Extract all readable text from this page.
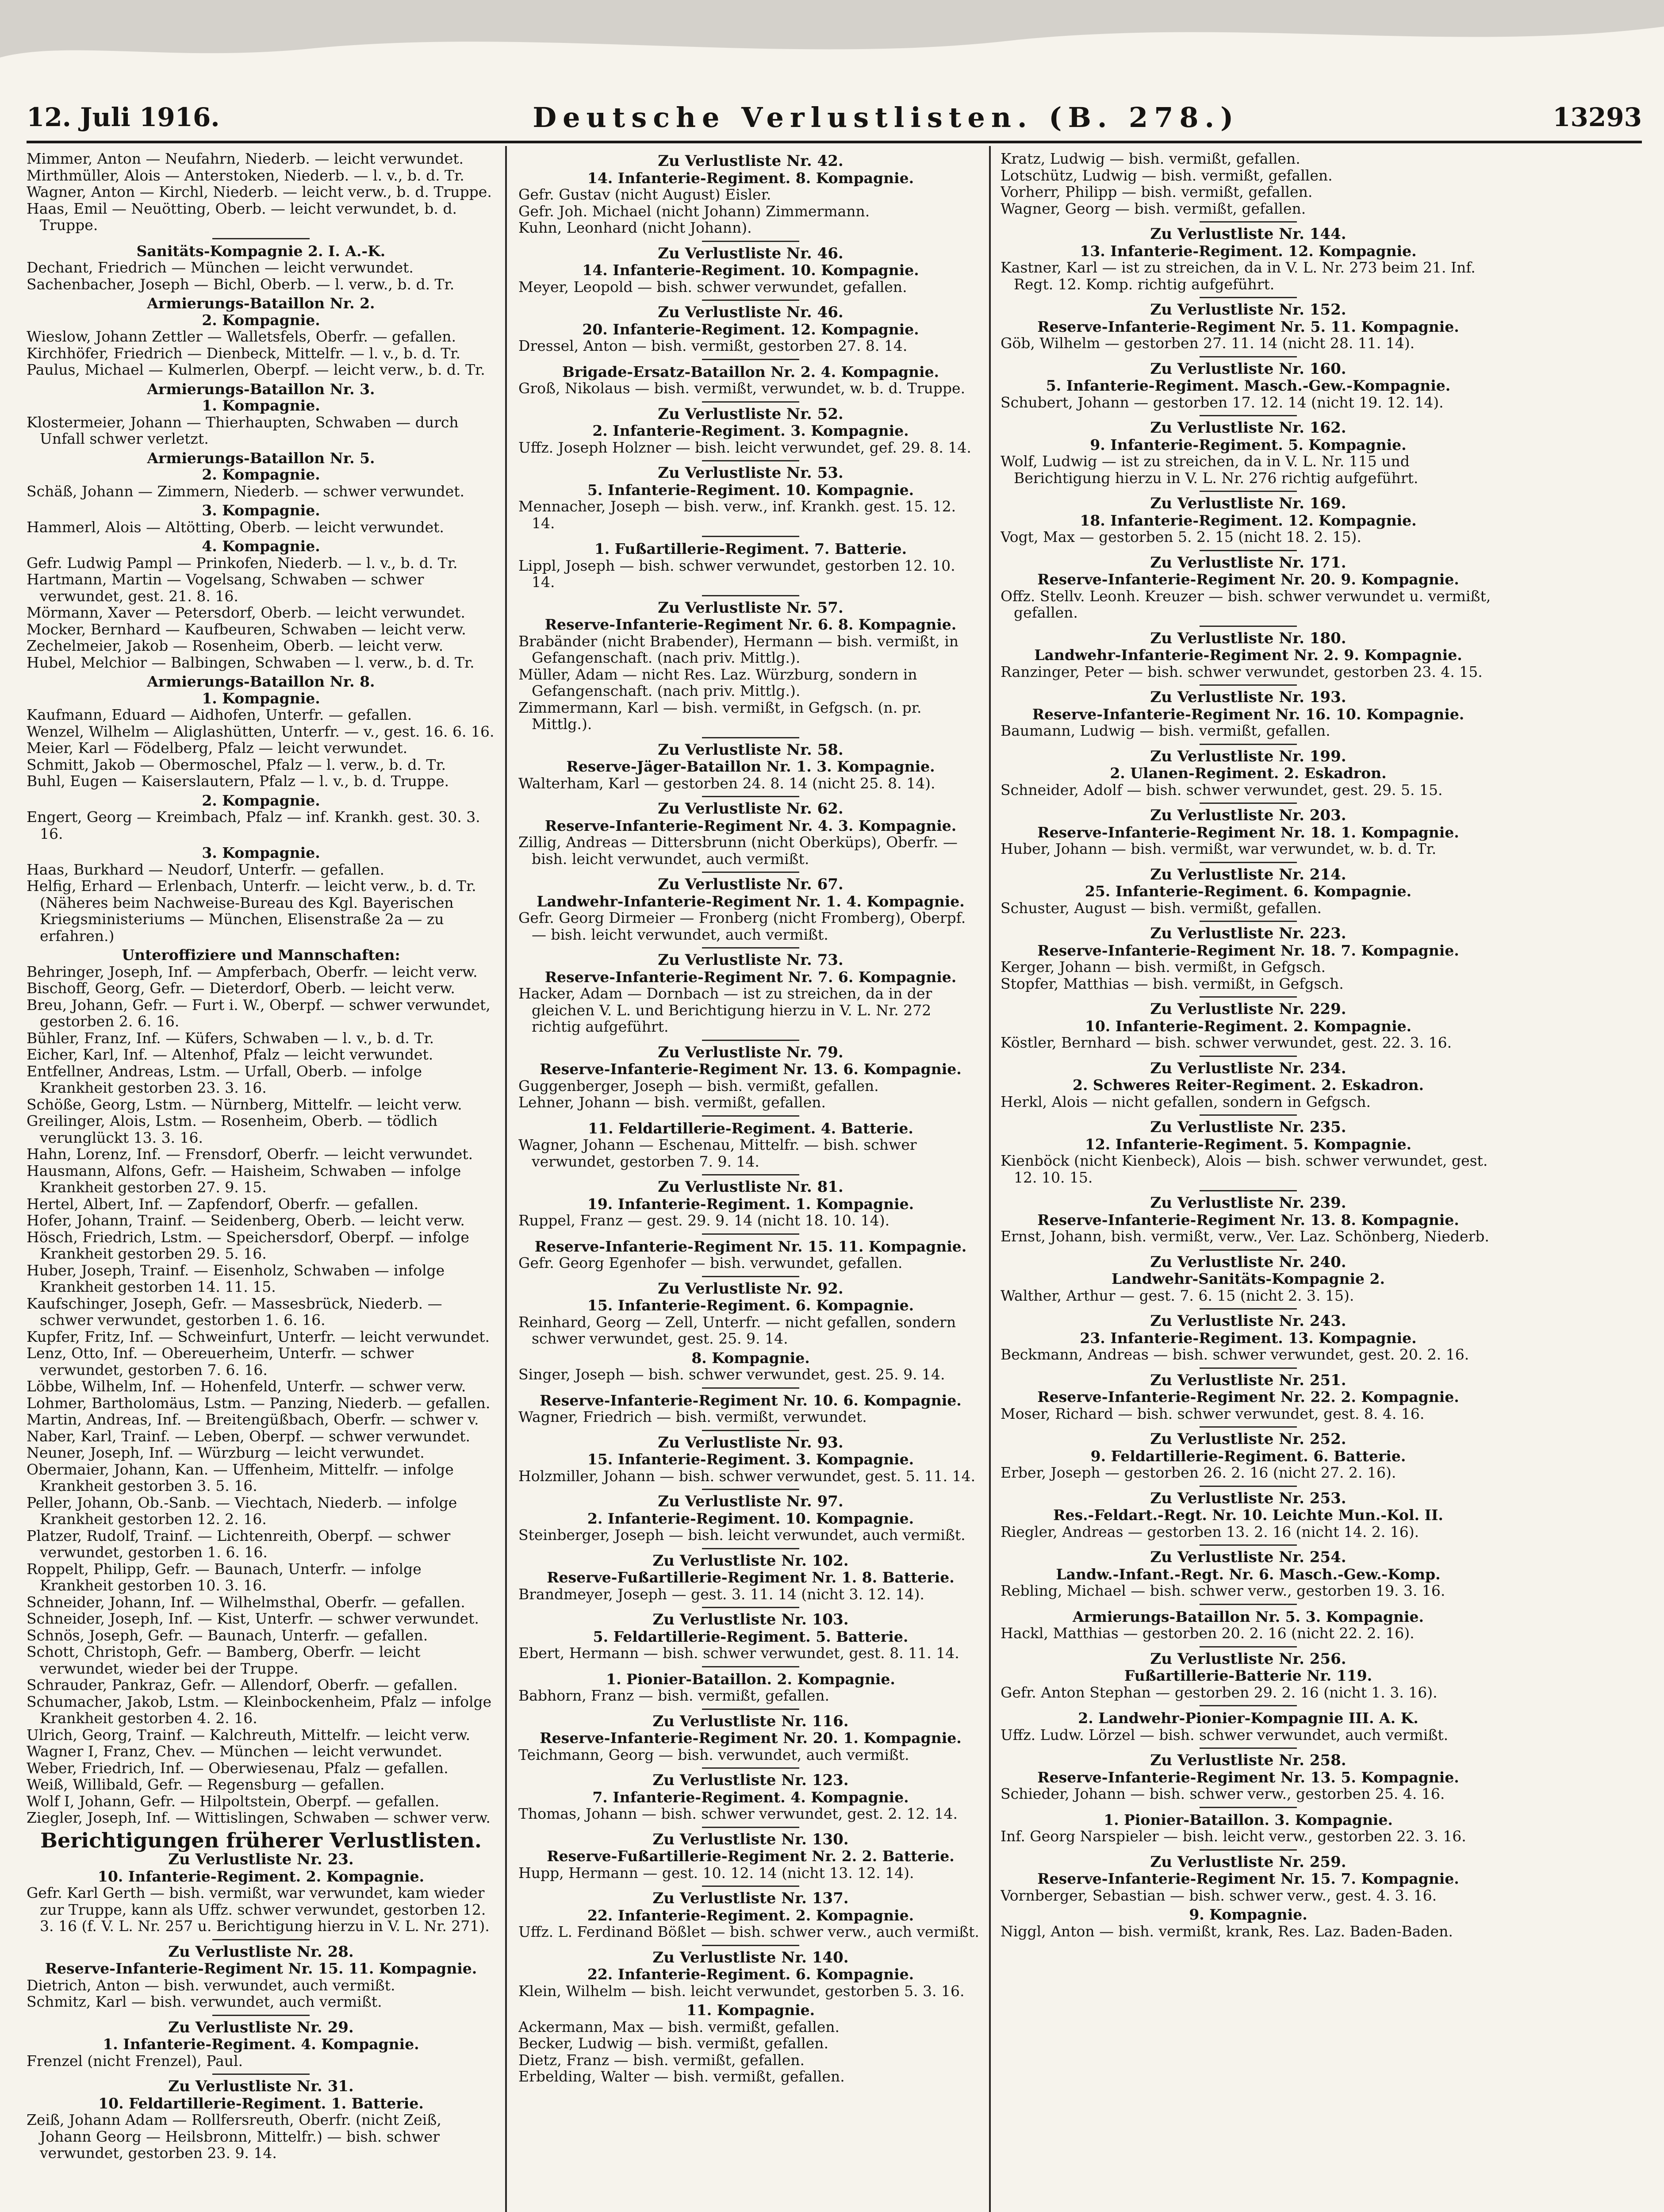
12. Juli 1916.	Deutsche Verlustlisten. (B. 278.)	13293
Mimmer, Anton — Neufahrn, Niederb. — leicht verwundet.
Mirthmüller, Alois — Anterstoken, Niederb. — l. v., b. d. Tr.
Wagner, Anton — Kirchl, Niederb. — leicht verw., b. d. Truppe.
Haas, Emil — Neuötting, Oberb. — leicht verwundet, b. d. Truppe.
Sanitäts-Kompagnie 2. I. A.-K.
Dechant, Friedrich — München — leicht verwundet.
Sachenbacher, Joseph — Bichl, Oberb. — l. verw., b. d. Tr.
Armierungs-Bataillon Nr. 2.
2. Kompagnie.
Wieslow, Johann Zettler — Walletsfels, Oberfr. — gefallen.
Kirchhöfer, Friedrich — Dienbeck, Mittelfr. — l. v., b. d. Tr.
Paulus, Michael — Kulmerlen, Oberpf. — leicht verw., b. d. Tr.
Armierungs-Bataillon Nr. 3.
1. Kompagnie.
Klostermeier, Johann — Thierhaupten, Schwaben — durch Unfall schwer verletzt.
Armierungs-Bataillon Nr. 5.
2. Kompagnie.
Schäß, Johann — Zimmern, Niederb. — schwer verwundet.
3. Kompagnie.
Hammerl, Alois — Altötting, Oberb. — leicht verwundet.
4. Kompagnie.
Gefr. Ludwig Pampl — Prinkofen, Niederb. — l. v., b. d. Tr.
Hartmann, Martin — Vogelsang, Schwaben — schwer verwundet, gest. 21. 8. 16.
Mörmann, Xaver — Petersdorf, Oberb. — leicht verwundet.
Mocker, Bernhard — Kaufbeuren, Schwaben — leicht verw.
Zechelmeier, Jakob — Rosenheim, Oberb. — leicht verw.
Hubel, Melchior — Balbingen, Schwaben — l. verw., b. d. Tr.
Armierungs-Bataillon Nr. 8.
1. Kompagnie.
Kaufmann, Eduard — Aidhofen, Unterfr. — gefallen.
Wenzel, Wilhelm — Aliglashütten, Unterfr. — v., gest. 16. 6. 16.
Meier, Karl — Födelberg, Pfalz — leicht verwundet.
Schmitt, Jakob — Obermoschel, Pfalz — l. verw., b. d. Tr.
Buhl, Eugen — Kaiserslautern, Pfalz — l. v., b. d. Truppe.
2. Kompagnie.
Engert, Georg — Kreimbach, Pfalz — inf. Krankh. gest. 30. 3. 16.
3. Kompagnie.
Haas, Burkhard — Neudorf, Unterfr. — gefallen.
Helfig, Erhard — Erlenbach, Unterfr. — leicht verw., b. d. Tr. (Näheres beim Nachweise-Bureau des Kgl. Bayerischen Kriegsministeriums — München, Elisenstraße 2a — zu erfahren.)
Unteroffiziere und Mannschaften:
Behringer, Joseph, Inf. — Ampferbach, Oberfr. — leicht verw.
Bischoff, Georg, Gefr. — Dieterdorf, Oberb. — leicht verw.
Breu, Johann, Gefr. — Furt i. W., Oberpf. — schwer verwundet, gestorben 2. 6. 16.
Bühler, Franz, Inf. — Küfers, Schwaben — l. v., b. d. Tr.
Eicher, Karl, Inf. — Altenhof, Pfalz — leicht verwundet.
Entfellner, Andreas, Lstm. — Urfall, Oberb. — infolge Krankheit gestorben 23. 3. 16.
Schöße, Georg, Lstm. — Nürnberg, Mittelfr. — leicht verw.
Greilinger, Alois, Lstm. — Rosenheim, Oberb. — tödlich verunglückt 13. 3. 16.
Hahn, Lorenz, Inf. — Frensdorf, Oberfr. — leicht verwundet.
Hausmann, Alfons, Gefr. — Haisheim, Schwaben — infolge Krankheit gestorben 27. 9. 15.
Hertel, Albert, Inf. — Zapfendorf, Oberfr. — gefallen.
Hofer, Johann, Trainf. — Seidenberg, Oberb. — leicht verw.
Hösch, Friedrich, Lstm. — Speichersdorf, Oberpf. — infolge Krankheit gestorben 29. 5. 16.
Huber, Joseph, Trainf. — Eisenholz, Schwaben — infolge Krankheit gestorben 14. 11. 15.
Kaufschinger, Joseph, Gefr. — Massesbrück, Niederb. — schwer verwundet, gestorben 1. 6. 16.
Kupfer, Fritz, Inf. — Schweinfurt, Unterfr. — leicht verwundet.
Lenz, Otto, Inf. — Obereuerheim, Unterfr. — schwer verwundet, gestorben 7. 6. 16.
Löbbe, Wilhelm, Inf. — Hohenfeld, Unterfr. — schwer verw.
Lohmer, Bartholomäus, Lstm. — Panzing, Niederb. — gefallen.
Martin, Andreas, Inf. — Breitengüßbach, Oberfr. — schwer v.
Naber, Karl, Trainf. — Leben, Oberpf. — schwer verwundet.
Neuner, Joseph, Inf. — Würzburg — leicht verwundet.
Obermaier, Johann, Kan. — Uffenheim, Mittelfr. — infolge Krankheit gestorben 3. 5. 16.
Peller, Johann, Ob.-Sanb. — Viechtach, Niederb. — infolge Krankheit gestorben 12. 2. 16.
Platzer, Rudolf, Trainf. — Lichtenreith, Oberpf. — schwer verwundet, gestorben 1. 6. 16.
Roppelt, Philipp, Gefr. — Baunach, Unterfr. — infolge Krankheit gestorben 10. 3. 16.
Schneider, Johann, Inf. — Wilhelmsthal, Oberfr. — gefallen.
Schneider, Joseph, Inf. — Kist, Unterfr. — schwer verwundet.
Schnös, Joseph, Gefr. — Baunach, Unterfr. — gefallen.
Schott, Christoph, Gefr. — Bamberg, Oberfr. — leicht verwundet, wieder bei der Truppe.
Schrauder, Pankraz, Gefr. — Allendorf, Oberfr. — gefallen.
Schumacher, Jakob, Lstm. — Kleinbockenheim, Pfalz — infolge Krankheit gestorben 4. 2. 16.
Ulrich, Georg, Trainf. — Kalchreuth, Mittelfr. — leicht verw.
Wagner I, Franz, Chev. — München — leicht verwundet.
Weber, Friedrich, Inf. — Oberwiesenau, Pfalz — gefallen.
Weiß, Willibald, Gefr. — Regensburg — gefallen.
Wolf I, Johann, Gefr. — Hilpoltstein, Oberpf. — gefallen.
Ziegler, Joseph, Inf. — Wittislingen, Schwaben — schwer verw.
Berichtigungen früherer Verlustlisten.
Zu Verlustliste Nr. 23.
10. Infanterie-Regiment. 2. Kompagnie.
Gefr. Karl Gerth — bish. vermißt, war verwundet, kam wieder zur Truppe, kann als Uffz. schwer verwundet, gestorben 12. 3. 16 (f. V. L. Nr. 257 u. Berichtigung hierzu in V. L. Nr. 271).
Zu Verlustliste Nr. 28.
Reserve-Infanterie-Regiment Nr. 15. 11. Kompagnie.
Dietrich, Anton — bish. verwundet, auch vermißt.
Schmitz, Karl — bish. verwundet, auch vermißt.
Zu Verlustliste Nr. 29.
1. Infanterie-Regiment. 4. Kompagnie.
Frenzel (nicht Frenzel), Paul.
Zu Verlustliste Nr. 31.
10. Feldartillerie-Regiment. 1. Batterie.
Zeiß, Johann Adam — Rollfersreuth, Oberfr. (nicht Zeiß, Johann Georg — Heilsbronn, Mittelfr.) — bish. schwer verwundet, gestorben 23. 9. 14.
Zu Verlustliste Nr. 42.
14. Infanterie-Regiment. 8. Kompagnie.
Gefr. Gustav (nicht August) Eisler.
Gefr. Joh. Michael (nicht Johann) Zimmermann.
Kuhn, Leonhard (nicht Johann).
Zu Verlustliste Nr. 46.
14. Infanterie-Regiment. 10. Kompagnie.
Meyer, Leopold — bish. schwer verwundet, gefallen.
Zu Verlustliste Nr. 46.
20. Infanterie-Regiment. 12. Kompagnie.
Dressel, Anton — bish. vermißt, gestorben 27. 8. 14.
Brigade-Ersatz-Bataillon Nr. 2. 4. Kompagnie.
Groß, Nikolaus — bish. vermißt, verwundet, w. b. d. Truppe.
Zu Verlustliste Nr. 52.
2. Infanterie-Regiment. 3. Kompagnie.
Uffz. Joseph Holzner — bish. leicht verwundet, gef. 29. 8. 14.
Zu Verlustliste Nr. 53.
5. Infanterie-Regiment. 10. Kompagnie.
Mennacher, Joseph — bish. verw., inf. Krankh. gest. 15. 12. 14.
1. Fußartillerie-Regiment. 7. Batterie.
Lippl, Joseph — bish. schwer verwundet, gestorben 12. 10. 14.
Zu Verlustliste Nr. 57.
Reserve-Infanterie-Regiment Nr. 6. 8. Kompagnie.
Brabänder (nicht Brabender), Hermann — bish. vermißt, in Gefangenschaft. (nach priv. Mittlg.).
Müller, Adam — nicht Res. Laz. Würzburg, sondern in Gefangenschaft. (nach priv. Mittlg.).
Zimmermann, Karl — bish. vermißt, in Gefgsch. (n. pr. Mittlg.).
Zu Verlustliste Nr. 58.
Reserve-Jäger-Bataillon Nr. 1. 3. Kompagnie.
Walterham, Karl — gestorben 24. 8. 14 (nicht 25. 8. 14).
Zu Verlustliste Nr. 62.
Reserve-Infanterie-Regiment Nr. 4. 3. Kompagnie.
Zillig, Andreas — Dittersbrunn (nicht Oberküps), Oberfr. — bish. leicht verwundet, auch vermißt.
Zu Verlustliste Nr. 67.
Landwehr-Infanterie-Regiment Nr. 1. 4. Kompagnie.
Gefr. Georg Dirmeier — Fronberg (nicht Fromberg), Oberpf. — bish. leicht verwundet, auch vermißt.
Zu Verlustliste Nr. 73.
Reserve-Infanterie-Regiment Nr. 7. 6. Kompagnie.
Hacker, Adam — Dornbach — ist zu streichen, da in der gleichen V. L. und Berichtigung hierzu in V. L. Nr. 272 richtig aufgeführt.
Zu Verlustliste Nr. 79.
Reserve-Infanterie-Regiment Nr. 13. 6. Kompagnie.
Guggenberger, Joseph — bish. vermißt, gefallen.
Lehner, Johann — bish. vermißt, gefallen.
11. Feldartillerie-Regiment. 4. Batterie.
Wagner, Johann — Eschenau, Mittelfr. — bish. schwer verwundet, gestorben 7. 9. 14.
Zu Verlustliste Nr. 81.
19. Infanterie-Regiment. 1. Kompagnie.
Ruppel, Franz — gest. 29. 9. 14 (nicht 18. 10. 14).
Reserve-Infanterie-Regiment Nr. 15. 11. Kompagnie.
Gefr. Georg Egenhofer — bish. verwundet, gefallen.
Zu Verlustliste Nr. 92.
15. Infanterie-Regiment. 6. Kompagnie.
Reinhard, Georg — Zell, Unterfr. — nicht gefallen, sondern schwer verwundet, gest. 25. 9. 14.
8. Kompagnie.
Singer, Joseph — bish. schwer verwundet, gest. 25. 9. 14.
Reserve-Infanterie-Regiment Nr. 10. 6. Kompagnie.
Wagner, Friedrich — bish. vermißt, verwundet.
Zu Verlustliste Nr. 93.
15. Infanterie-Regiment. 3. Kompagnie.
Holzmiller, Johann — bish. schwer verwundet, gest. 5. 11. 14.
Zu Verlustliste Nr. 97.
2. Infanterie-Regiment. 10. Kompagnie.
Steinberger, Joseph — bish. leicht verwundet, auch vermißt.
Zu Verlustliste Nr. 102.
Reserve-Fußartillerie-Regiment Nr. 1. 8. Batterie.
Brandmeyer, Joseph — gest. 3. 11. 14 (nicht 3. 12. 14).
Zu Verlustliste Nr. 103.
5. Feldartillerie-Regiment. 5. Batterie.
Ebert, Hermann — bish. schwer verwundet, gest. 8. 11. 14.
1. Pionier-Bataillon. 2. Kompagnie.
Babhorn, Franz — bish. vermißt, gefallen.
Zu Verlustliste Nr. 116.
Reserve-Infanterie-Regiment Nr. 20. 1. Kompagnie.
Teichmann, Georg — bish. verwundet, auch vermißt.
Zu Verlustliste Nr. 123.
7. Infanterie-Regiment. 4. Kompagnie.
Thomas, Johann — bish. schwer verwundet, gest. 2. 12. 14.
Zu Verlustliste Nr. 130.
Reserve-Fußartillerie-Regiment Nr. 2. 2. Batterie.
Hupp, Hermann — gest. 10. 12. 14 (nicht 13. 12. 14).
Zu Verlustliste Nr. 137.
22. Infanterie-Regiment. 2. Kompagnie.
Uffz. L. Ferdinand Bößlet — bish. schwer verw., auch vermißt.
Zu Verlustliste Nr. 140.
22. Infanterie-Regiment. 6. Kompagnie.
Klein, Wilhelm — bish. leicht verwundet, gestorben 5. 3. 16.
11. Kompagnie.
Ackermann, Max — bish. vermißt, gefallen.
Becker, Ludwig — bish. vermißt, gefallen.
Dietz, Franz — bish. vermißt, gefallen.
Erbelding, Walter — bish. vermißt, gefallen.
Kratz, Ludwig — bish. vermißt, gefallen.
Lotschütz, Ludwig — bish. vermißt, gefallen.
Vorherr, Philipp — bish. vermißt, gefallen.
Wagner, Georg — bish. vermißt, gefallen.
Zu Verlustliste Nr. 144.
13. Infanterie-Regiment. 12. Kompagnie.
Kastner, Karl — ist zu streichen, da in V. L. Nr. 273 beim 21. Inf. Regt. 12. Komp. richtig aufgeführt.
Zu Verlustliste Nr. 152.
Reserve-Infanterie-Regiment Nr. 5. 11. Kompagnie.
Göb, Wilhelm — gestorben 27. 11. 14 (nicht 28. 11. 14).
Zu Verlustliste Nr. 160.
5. Infanterie-Regiment. Masch.-Gew.-Kompagnie.
Schubert, Johann — gestorben 17. 12. 14 (nicht 19. 12. 14).
Zu Verlustliste Nr. 162.
9. Infanterie-Regiment. 5. Kompagnie.
Wolf, Ludwig — ist zu streichen, da in V. L. Nr. 115 und Berichtigung hierzu in V. L. Nr. 276 richtig aufgeführt.
Zu Verlustliste Nr. 169.
18. Infanterie-Regiment. 12. Kompagnie.
Vogt, Max — gestorben 5. 2. 15 (nicht 18. 2. 15).
Zu Verlustliste Nr. 171.
Reserve-Infanterie-Regiment Nr. 20. 9. Kompagnie.
Offz. Stellv. Leonh. Kreuzer — bish. schwer verwundet u. vermißt, gefallen.
Zu Verlustliste Nr. 180.
Landwehr-Infanterie-Regiment Nr. 2. 9. Kompagnie.
Ranzinger, Peter — bish. schwer verwundet, gestorben 23. 4. 15.
Zu Verlustliste Nr. 193.
Reserve-Infanterie-Regiment Nr. 16. 10. Kompagnie.
Baumann, Ludwig — bish. vermißt, gefallen.
Zu Verlustliste Nr. 199.
2. Ulanen-Regiment. 2. Eskadron.
Schneider, Adolf — bish. schwer verwundet, gest. 29. 5. 15.
Zu Verlustliste Nr. 203.
Reserve-Infanterie-Regiment Nr. 18. 1. Kompagnie.
Huber, Johann — bish. vermißt, war verwundet, w. b. d. Tr.
Zu Verlustliste Nr. 214.
25. Infanterie-Regiment. 6. Kompagnie.
Schuster, August — bish. vermißt, gefallen.
Zu Verlustliste Nr. 223.
Reserve-Infanterie-Regiment Nr. 18. 7. Kompagnie.
Kerger, Johann — bish. vermißt, in Gefgsch.
Stopfer, Matthias — bish. vermißt, in Gefgsch.
Zu Verlustliste Nr. 229.
10. Infanterie-Regiment. 2. Kompagnie.
Köstler, Bernhard — bish. schwer verwundet, gest. 22. 3. 16.
Zu Verlustliste Nr. 234.
2. Schweres Reiter-Regiment. 2. Eskadron.
Herkl, Alois — nicht gefallen, sondern in Gefgsch.
Zu Verlustliste Nr. 235.
12. Infanterie-Regiment. 5. Kompagnie.
Kienböck (nicht Kienbeck), Alois — bish. schwer verwundet, gest. 12. 10. 15.
Zu Verlustliste Nr. 239.
Reserve-Infanterie-Regiment Nr. 13. 8. Kompagnie.
Ernst, Johann, bish. vermißt, verw., Ver. Laz. Schönberg, Niederb.
Zu Verlustliste Nr. 240.
Landwehr-Sanitäts-Kompagnie 2.
Walther, Arthur — gest. 7. 6. 15 (nicht 2. 3. 15).
Zu Verlustliste Nr. 243.
23. Infanterie-Regiment. 13. Kompagnie.
Beckmann, Andreas — bish. schwer verwundet, gest. 20. 2. 16.
Zu Verlustliste Nr. 251.
Reserve-Infanterie-Regiment Nr. 22. 2. Kompagnie.
Moser, Richard — bish. schwer verwundet, gest. 8. 4. 16.
Zu Verlustliste Nr. 252.
9. Feldartillerie-Regiment. 6. Batterie.
Erber, Joseph — gestorben 26. 2. 16 (nicht 27. 2. 16).
Zu Verlustliste Nr. 253.
Res.-Feldart.-Regt. Nr. 10. Leichte Mun.-Kol. II.
Riegler, Andreas — gestorben 13. 2. 16 (nicht 14. 2. 16).
Zu Verlustliste Nr. 254.
Landw.-Infant.-Regt. Nr. 6. Masch.-Gew.-Komp.
Rebling, Michael — bish. schwer verw., gestorben 19. 3. 16.
Armierungs-Bataillon Nr. 5. 3. Kompagnie.
Hackl, Matthias — gestorben 20. 2. 16 (nicht 22. 2. 16).
Zu Verlustliste Nr. 256.
Fußartillerie-Batterie Nr. 119.
Gefr. Anton Stephan — gestorben 29. 2. 16 (nicht 1. 3. 16).
2. Landwehr-Pionier-Kompagnie III. A. K.
Uffz. Ludw. Lörzel — bish. schwer verwundet, auch vermißt.
Zu Verlustliste Nr. 258.
Reserve-Infanterie-Regiment Nr. 13. 5. Kompagnie.
Schieder, Johann — bish. schwer verw., gestorben 25. 4. 16.
1. Pionier-Bataillon. 3. Kompagnie.
Inf. Georg Narspieler — bish. leicht verw., gestorben 22. 3. 16.
Zu Verlustliste Nr. 259.
Reserve-Infanterie-Regiment Nr. 15. 7. Kompagnie.
Vornberger, Sebastian — bish. schwer verw., gest. 4. 3. 16.
9. Kompagnie.
Niggl, Anton — bish. vermißt, krank, Res. Laz. Baden-Baden.
